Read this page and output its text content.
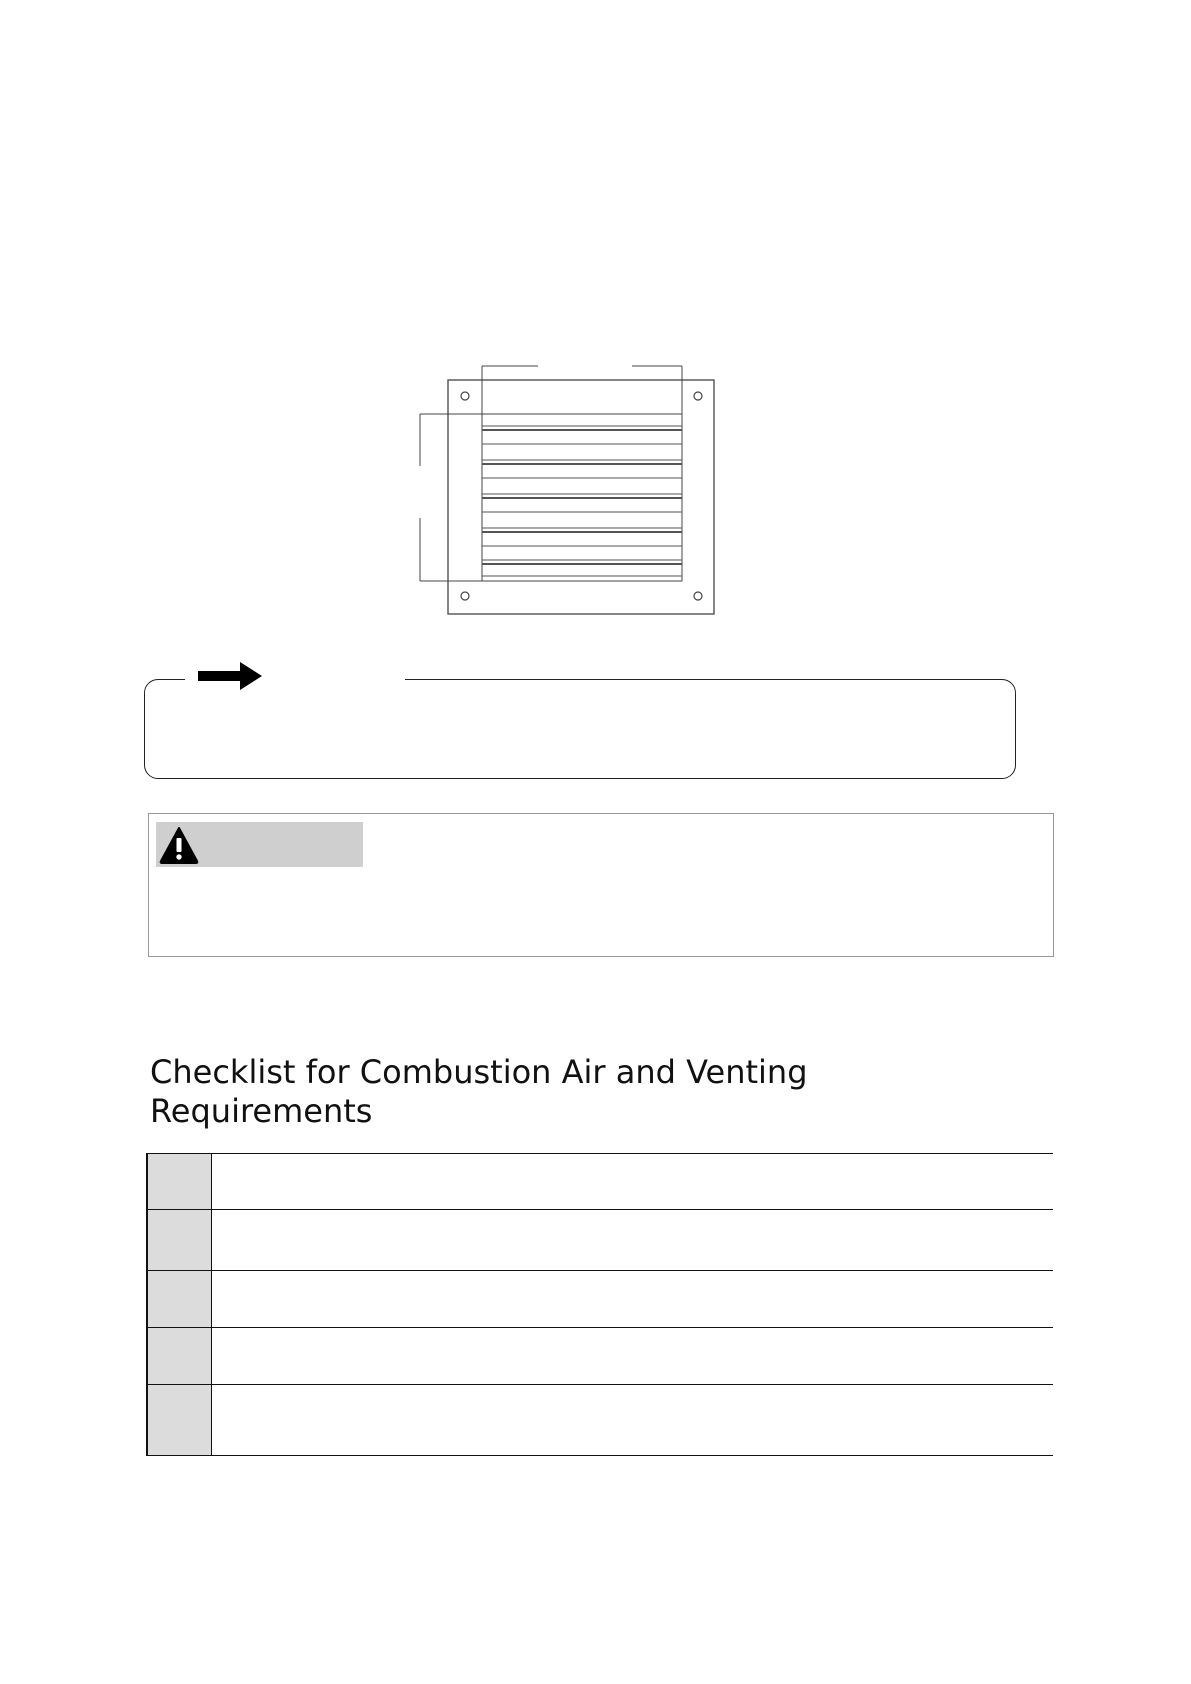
Checklist for Combustion Air and Venting Requirements
